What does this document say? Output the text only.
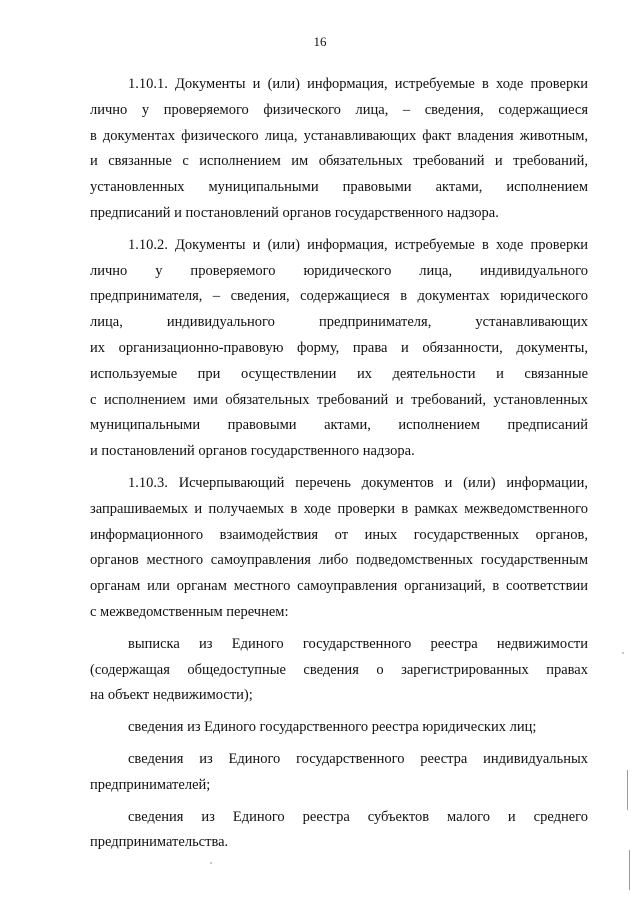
16
1.10.1. Документы и (или) информация, истребуемые в ходе проверки
лично у проверяемого физического лица, – сведения, содержащиеся
в документах физического лица, устанавливающих факт владения животным,
и связанные с исполнением им обязательных требований и требований,
установленных муниципальными правовыми актами, исполнением
предписаний и постановлений органов государственного надзора.
1.10.2. Документы и (или) информация, истребуемые в ходе проверки
лично у проверяемого юридического лица, индивидуального
предпринимателя, – сведения, содержащиеся в документах юридического
лица, индивидуального предпринимателя, устанавливающих
их организационно-правовую форму, права и обязанности, документы,
используемые при осуществлении их деятельности и связанные
с исполнением ими обязательных требований и требований, установленных
муниципальными правовыми актами, исполнением предписаний
и постановлений органов государственного надзора.
1.10.3. Исчерпывающий перечень документов и (или) информации,
запрашиваемых и получаемых в ходе проверки в рамках межведомственного
информационного взаимодействия от иных государственных органов,
органов местного самоуправления либо подведомственных государственным
органам или органам местного самоуправления организаций, в соответствии
с межведомственным перечнем:
выписка из Единого государственного реестра недвижимости
(содержащая общедоступные сведения о зарегистрированных правах
на объект недвижимости);
сведения из Единого государственного реестра юридических лиц;
сведения из Единого государственного реестра индивидуальных
предпринимателей;
сведения из Единого реестра субъектов малого и среднего
предпринимательства.
